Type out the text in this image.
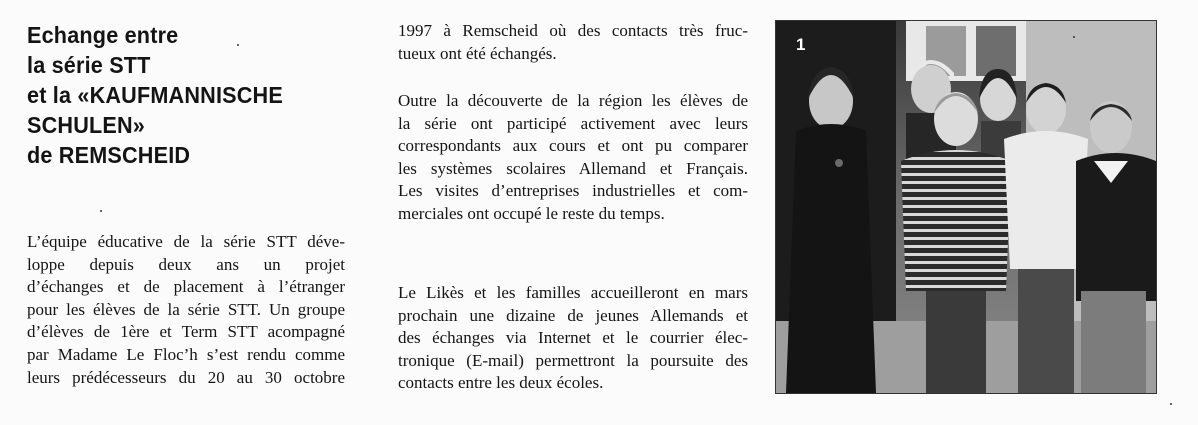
Echange entre
la série STT
et la «KAUFMANNISCHE
SCHULEN»
de REMSCHEID
L’équipe éducative de la série STT déve-
loppe depuis deux ans un projet
d’échanges et de placement à l’étranger
pour les élèves de la série STT. Un groupe
d’élèves de 1ère et Term STT acompagné
par Madame Le Floc’h s’est rendu comme
leurs prédécesseurs du 20 au 30 octobre
1997 à Remscheid où des contacts très fruc-
tueux ont été échangés.
Outre la découverte de la région les élèves de
la série ont participé activement avec leurs
correspondants aux cours et ont pu comparer
les systèmes scolaires Allemand et Français.
Les visites d’entreprises industrielles et com-
merciales ont occupé le reste du temps.
Le Likès et les familles accueilleront en mars
prochain une dizaine de jeunes Allemands et
des échanges via Internet et le courrier élec-
tronique (E-mail) permettront la poursuite des
contacts entre les deux écoles.
1
